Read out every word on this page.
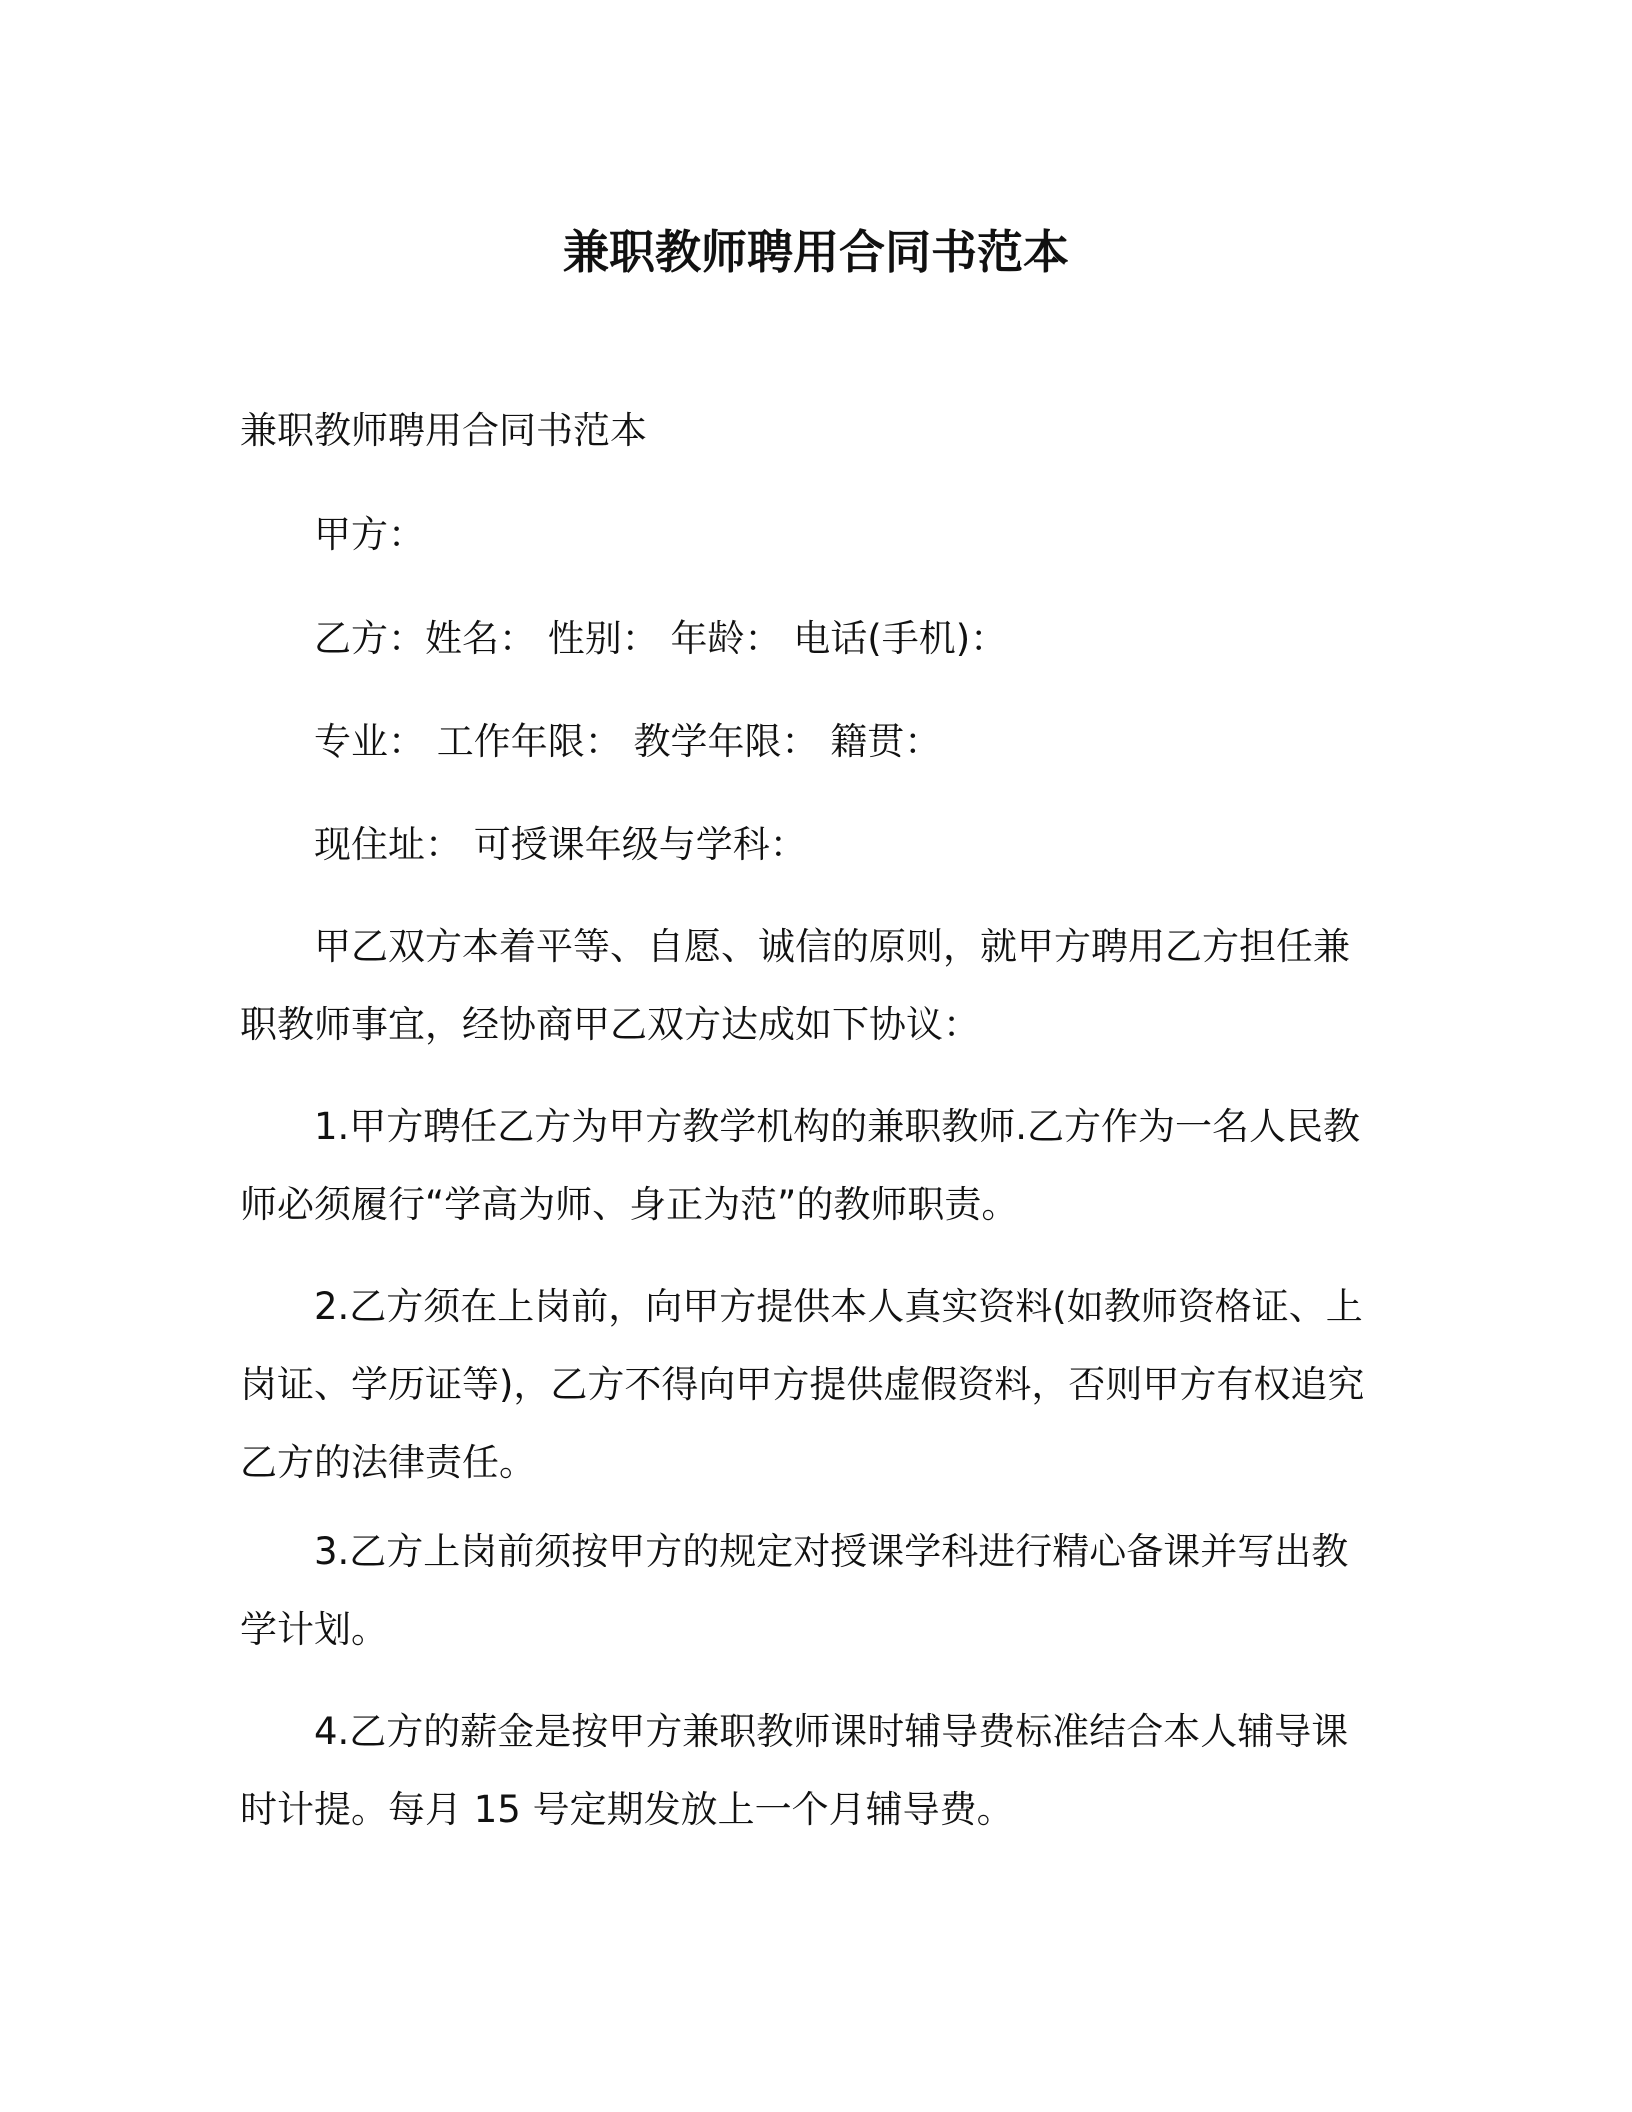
兼职教师聘用合同书范本
兼职教师聘用合同书范本
甲方：
乙方：姓名： 性别： 年龄： 电话(手机)：
专业： 工作年限： 教学年限： 籍贯：
现住址： 可授课年级与学科：
甲乙双方本着平等、自愿、诚信的原则，就甲方聘用乙方担任兼
职教师事宜，经协商甲乙双方达成如下协议：
1.甲方聘任乙方为甲方教学机构的兼职教师.乙方作为一名人民教
师必须履行“学高为师、身正为范”的教师职责。
2.乙方须在上岗前，向甲方提供本人真实资料(如教师资格证、上
岗证、学历证等)，乙方不得向甲方提供虚假资料，否则甲方有权追究
乙方的法律责任。
3.乙方上岗前须按甲方的规定对授课学科进行精心备课并写出教
学计划。
4.乙方的薪金是按甲方兼职教师课时辅导费标准结合本人辅导课
时计提。每月 15 号定期发放上一个月辅导费。
